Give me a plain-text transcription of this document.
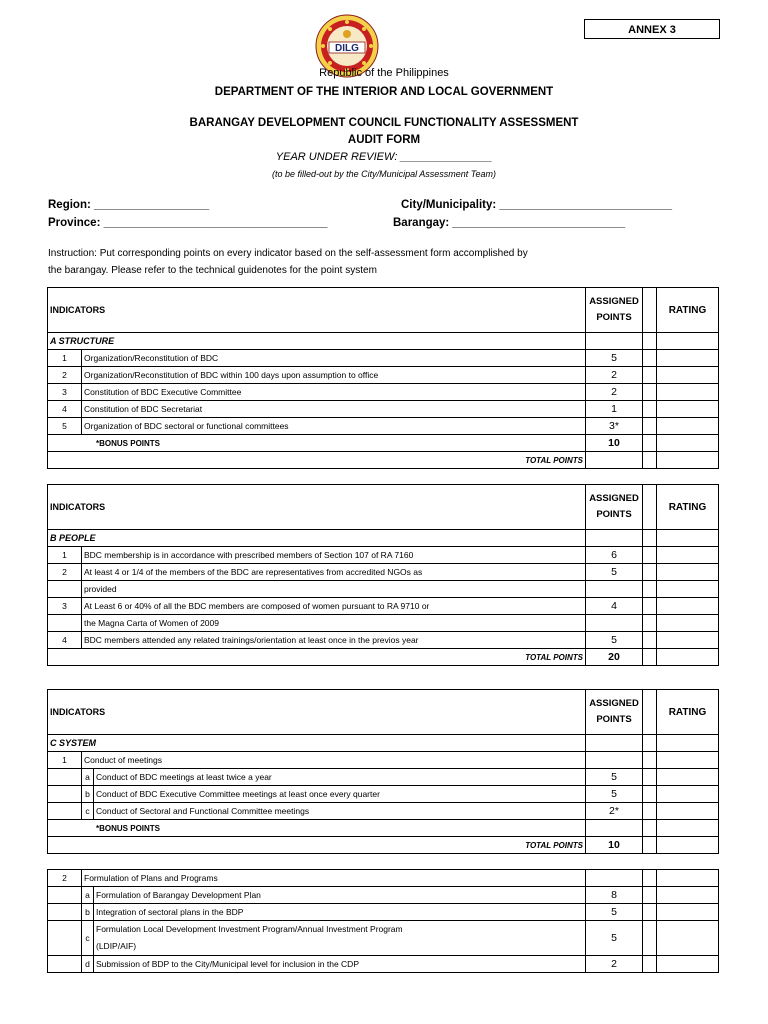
ANNEX 3
DILG
Republic of the Philippines
DEPARTMENT OF THE INTERIOR AND LOCAL GOVERNMENT
BARANGAY DEVELOPMENT COUNCIL FUNCTIONALITY ASSESSMENT
AUDIT FORM
YEAR UNDER REVIEW: _______________
(to be filled-out by the City/Municipal Assessment Team)
Region: __________________
Province: ___________________________________
City/Municipality: ___________________________
Barangay: ___________________________
Instruction: Put corresponding points on every indicator based on the self-assessment form accomplished by
the barangay. Please refer to the technical guidenotes for the point system
INDICATORS		ASSIGNED
POINTS		RATING
A STRUCTURE				
1	Organization/Reconstitution of BDC	5		
2	Organization/Reconstitution of BDC within 100 days upon assumption to office	2		
3	Constitution of BDC Executive Committee	2		
4	Constitution of BDC Secretariat	1		
5	Organization of BDC sectoral or functional committees	3*		
*BONUS POINTS		10		
TOTAL POINTS				
INDICATORS		ASSIGNED
POINTS		RATING
B PEOPLE				
1	BDC membership is in accordance with prescribed members of Section 107 of RA 7160	6		
2	At least 4 or 1/4 of the members of the BDC are representatives from accredited NGOs as	5		
	provided			
3	At Least 6 or 40% of all the BDC members are composed of women pursuant to RA 9710 or	4		
	the Magna Carta of Women of 2009			
4	BDC members attended any related trainings/orientation at least once in the previos year	5		
TOTAL POINTS		20		
INDICATORS			ASSIGNED
POINTS		RATING
C SYSTEM					
1	Conduct of meetings				
	a	Conduct of BDC meetings at least twice a year	5		
	b	Conduct of BDC Executive Committee meetings at least once every quarter	5		
	c	Conduct of Sectoral and Functional Committee meetings	2*		
*BONUS POINTS					
TOTAL POINTS			10		
2	Formulation of Plans and Programs				
	a	Formulation of Barangay Development Plan	8		
	b	Integration of sectoral plans in the BDP	5		
	c	Formulation Local Development Investment Program/Annual Investment Program
(LDIP/AIF)	5		
	d	Submission of BDP to the City/Municipal level for inclusion in the CDP	2		
